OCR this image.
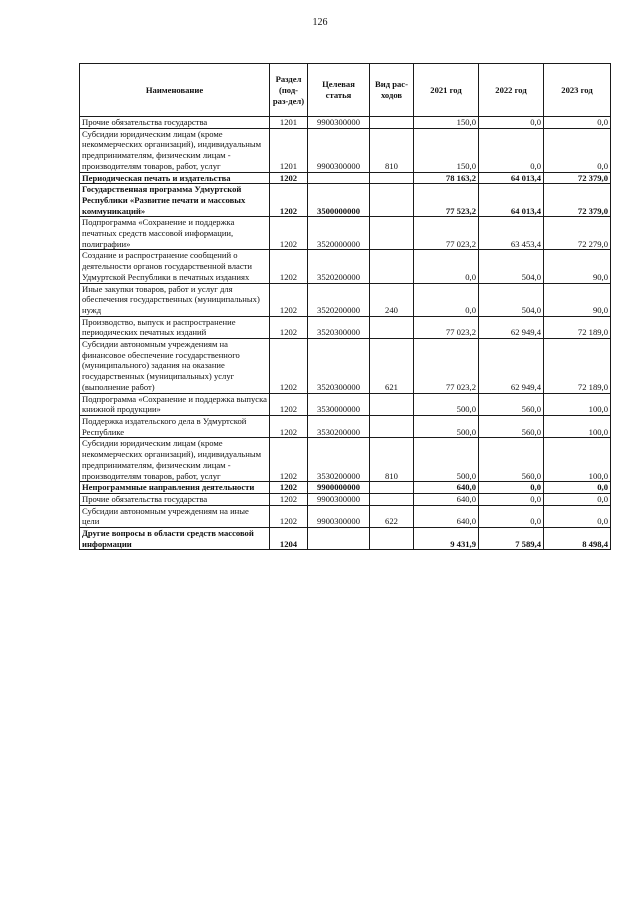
126
Наименование	Раздел (под-раз-дел)	Целевая статья	Вид рас-ходов	2021 год	2022 год	2023 год
Прочие обязательства государства	1201	9900300000		150,0	0,0	0,0
Субсидии юридическим лицам (кроме некоммерческих организаций), индивидуальным предпринимателям, физическим лицам - производителям товаров, работ, услуг	1201	9900300000	810	150,0	0,0	0,0
Периодическая печать и издательства	1202			78 163,2	64 013,4	72 379,0
Государственная программа Удмуртской Республики «Развитие печати и массовых коммуникаций»	1202	3500000000		77 523,2	64 013,4	72 379,0
Подпрограмма «Сохранение и поддержка печатных средств массовой информации, полиграфии»	1202	3520000000		77 023,2	63 453,4	72 279,0
Создание и распространение сообщений о деятельности органов государственной власти Удмуртской Республики в печатных изданиях	1202	3520200000		0,0	504,0	90,0
Иные закупки товаров, работ и услуг для обеспечения государственных (муниципальных) нужд	1202	3520200000	240	0,0	504,0	90,0
Производство, выпуск и распространение периодических печатных изданий	1202	3520300000		77 023,2	62 949,4	72 189,0
Субсидии автономным учреждениям на финансовое обеспечение государственного (муниципального) задания на оказание государственных (муниципальных) услуг (выполнение работ)	1202	3520300000	621	77 023,2	62 949,4	72 189,0
Подпрограмма «Сохранение и поддержка выпуска книжной продукции»	1202	3530000000		500,0	560,0	100,0
Поддержка издательского дела в Удмуртской Республике	1202	3530200000		500,0	560,0	100,0
Субсидии юридическим лицам (кроме некоммерческих организаций), индивидуальным предпринимателям, физическим лицам - производителям товаров, работ, услуг	1202	3530200000	810	500,0	560,0	100,0
Непрограммные направления деятельности	1202	9900000000		640,0	0,0	0,0
Прочие обязательства государства	1202	9900300000		640,0	0,0	0,0
Субсидии автономным учреждениям на иные цели	1202	9900300000	622	640,0	0,0	0,0
Другие вопросы в области средств массовой информации	1204			9 431,9	7 589,4	8 498,4
